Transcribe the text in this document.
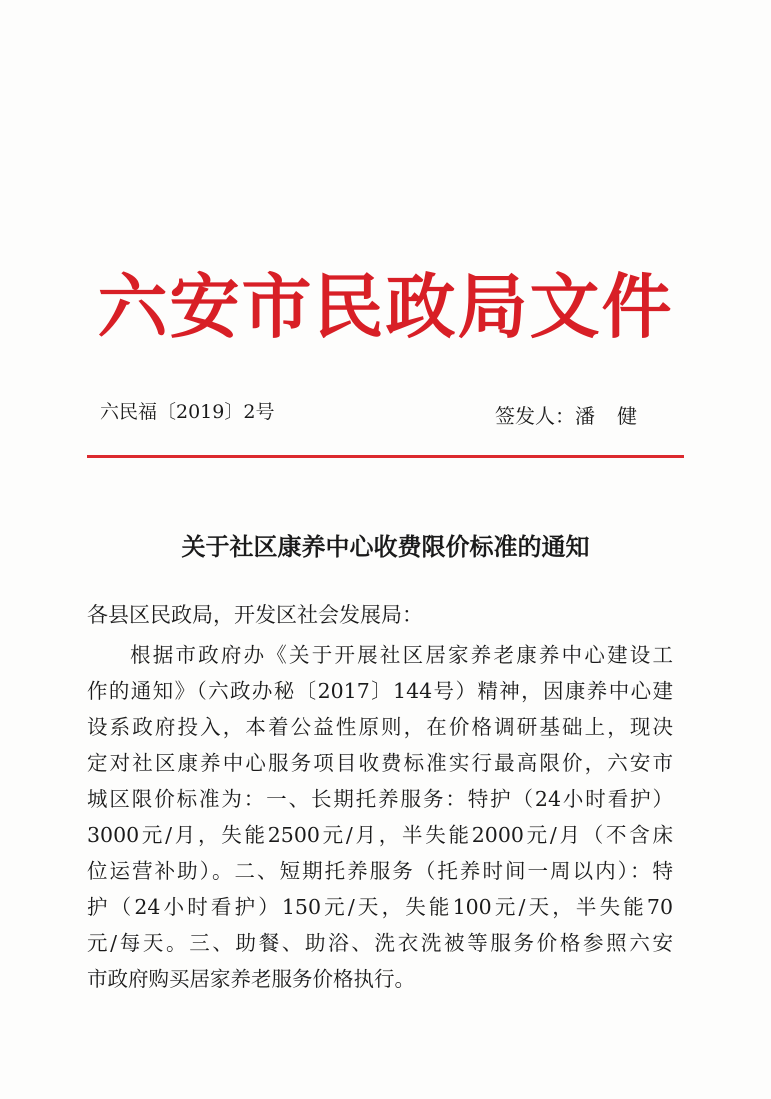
六安市民政局文件
六民福〔2019〕2号	签发人：潘健
关于社区康养中心收费限价标准的通知
各县区民政局，开发区社会发展局：
根据市政府办《关于开展社区居家养老康养中心建设工
作的通知》（六政办秘〔2017〕144号）精神，因康养中心建
设系政府投入，本着公益性原则，在价格调研基础上，现决
定对社区康养中心服务项目收费标准实行最高限价，六安市
城区限价标准为：一、长期托养服务：特护（24小时看护）
3000元/月，失能2500元/月，半失能2000元/月（不含床
位运营补助）。二、短期托养服务（托养时间一周以内）：特
护（24小时看护）150元/天，失能100元/天，半失能70
元/每天。三、助餐、助浴、洗衣洗被等服务价格参照六安
市政府购买居家养老服务价格执行。
